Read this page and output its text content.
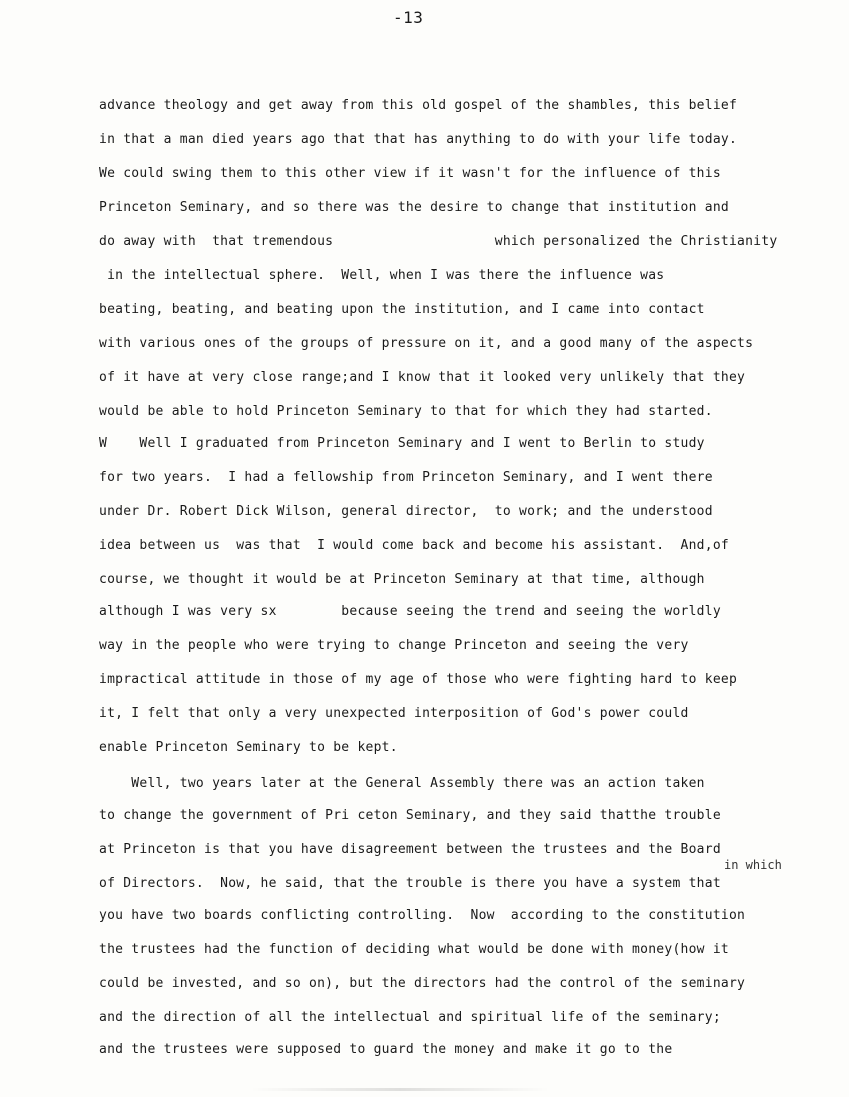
-13
advance theology and get away from this old gospel of the shambles, this belief
in that a man died years ago that that has anything to do with your life today.
We could swing them to this other view if it wasn't for the influence of this
Princeton Seminary, and so there was the desire to change that institution and
do away with  that tremendous                    which personalized the Christianity
in the intellectual sphere.  Well, when I was there the influence was
beating, beating, and beating upon the institution, and I came into contact
with various ones of the groups of pressure on it, and a good many of the aspects
of it have at very close range;and I know that it looked very unlikely that they
would be able to hold Princeton Seminary to that for which they had started.
W    Well I graduated from Princeton Seminary and I went to Berlin to study
for two years.  I had a fellowship from Princeton Seminary, and I went there
under Dr. Robert Dick Wilson, general director,  to work; and the understood
idea between us  was that  I would come back and become his assistant.  And,of
course, we thought it would be at Princeton Seminary at that time, although
although I was very sx        because seeing the trend and seeing the worldly
way in the people who were trying to change Princeton and seeing the very
impractical attitude in those of my age of those who were fighting hard to keep
it, I felt that only a very unexpected interposition of God's power could
enable Princeton Seminary to be kept.
Well, two years later at the General Assembly there was an action taken
to change the government of Pri ceton Seminary, and they said thatthe trouble
at Princeton is that you have disagreement between the trustees and the Board
in which
of Directors.  Now, he said, that the trouble is there you have a system that
you have two boards conflicting controlling.  Now  according to the constitution
the trustees had the function of deciding what would be done with money(how it
could be invested, and so on), but the directors had the control of the seminary
and the direction of all the intellectual and spiritual life of the seminary;
and the trustees were supposed to guard the money and make it go to the
